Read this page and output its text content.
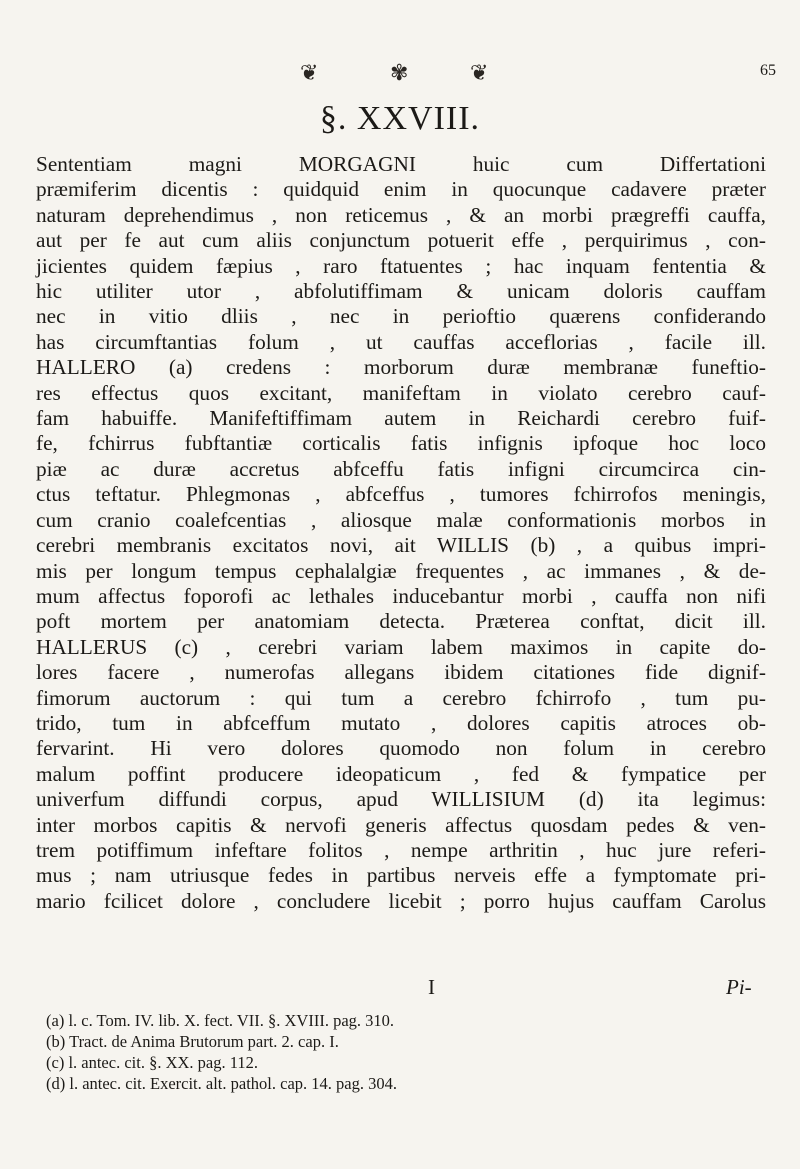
❦	✾	❦	65
§. XXVIII.
Sententiam magni MORGAGNI huic cum Differtationi
præmiferim dicentis : quidquid enim in quocunque cadavere præter
naturam deprehendimus , non reticemus , & an morbi prægreffi cauffa,
aut per fe aut cum aliis conjunctum potuerit effe , perquirimus , con-
jicientes quidem fæpius , raro ftatuentes ; hac inquam fententia &
hic utiliter utor , abfolutiffimam & unicam doloris cauffam
nec in vitio dliis , nec in perioftio quærens confiderando
has circumftantias folum , ut cauffas acceflorias , facile ill.
HALLERO (a) credens : morborum duræ membranæ funeftio-
res effectus quos excitant, manifeftam in violato cerebro cauf-
fam habuiffe. Manifeftiffimam autem in Reichardi cerebro fuif-
fe, fchirrus fubftantiæ corticalis fatis infignis ipfoque hoc loco
piæ ac duræ accretus abfceffu fatis infigni circumcirca cin-
ctus teftatur. Phlegmonas , abfceffus , tumores fchirrofos meningis,
cum cranio coalefcentias , aliosque malæ conformationis morbos in
cerebri membranis excitatos novi, ait WILLIS (b) , a quibus impri-
mis per longum tempus cephalalgiæ frequentes , ac immanes , & de-
mum affectus foporofi ac lethales inducebantur morbi , cauffa non nifi
poft mortem per anatomiam detecta. Præterea conftat, dicit ill.
HALLERUS (c) , cerebri variam labem maximos in capite do-
lores facere , numerofas allegans ibidem citationes fide dignif-
fimorum auctorum : qui tum a cerebro fchirrofo , tum pu-
trido, tum in abfceffum mutato , dolores capitis atroces ob-
fervarint. Hi vero dolores quomodo non folum in cerebro
malum poffint producere ideopaticum , fed & fympatice per
univerfum diffundi corpus, apud WILLISIUM (d) ita legimus:
inter morbos capitis & nervofi generis affectus quosdam pedes & ven-
trem potiffimum infeftare folitos , nempe arthritin , huc jure referi-
mus ; nam utriusque fedes in partibus nerveis effe a fymptomate pri-
mario fcilicet dolore , concludere licebit ; porro hujus cauffam Carolus
I	Pi-
(a) l. c. Tom. IV. lib. X. fect. VII. §. XVIII. pag. 310.
(b) Tract. de Anima Brutorum part. 2. cap. I.
(c) l. antec. cit. §. XX. pag. 112.
(d) l. antec. cit. Exercit. alt. pathol. cap. 14. pag. 304.
